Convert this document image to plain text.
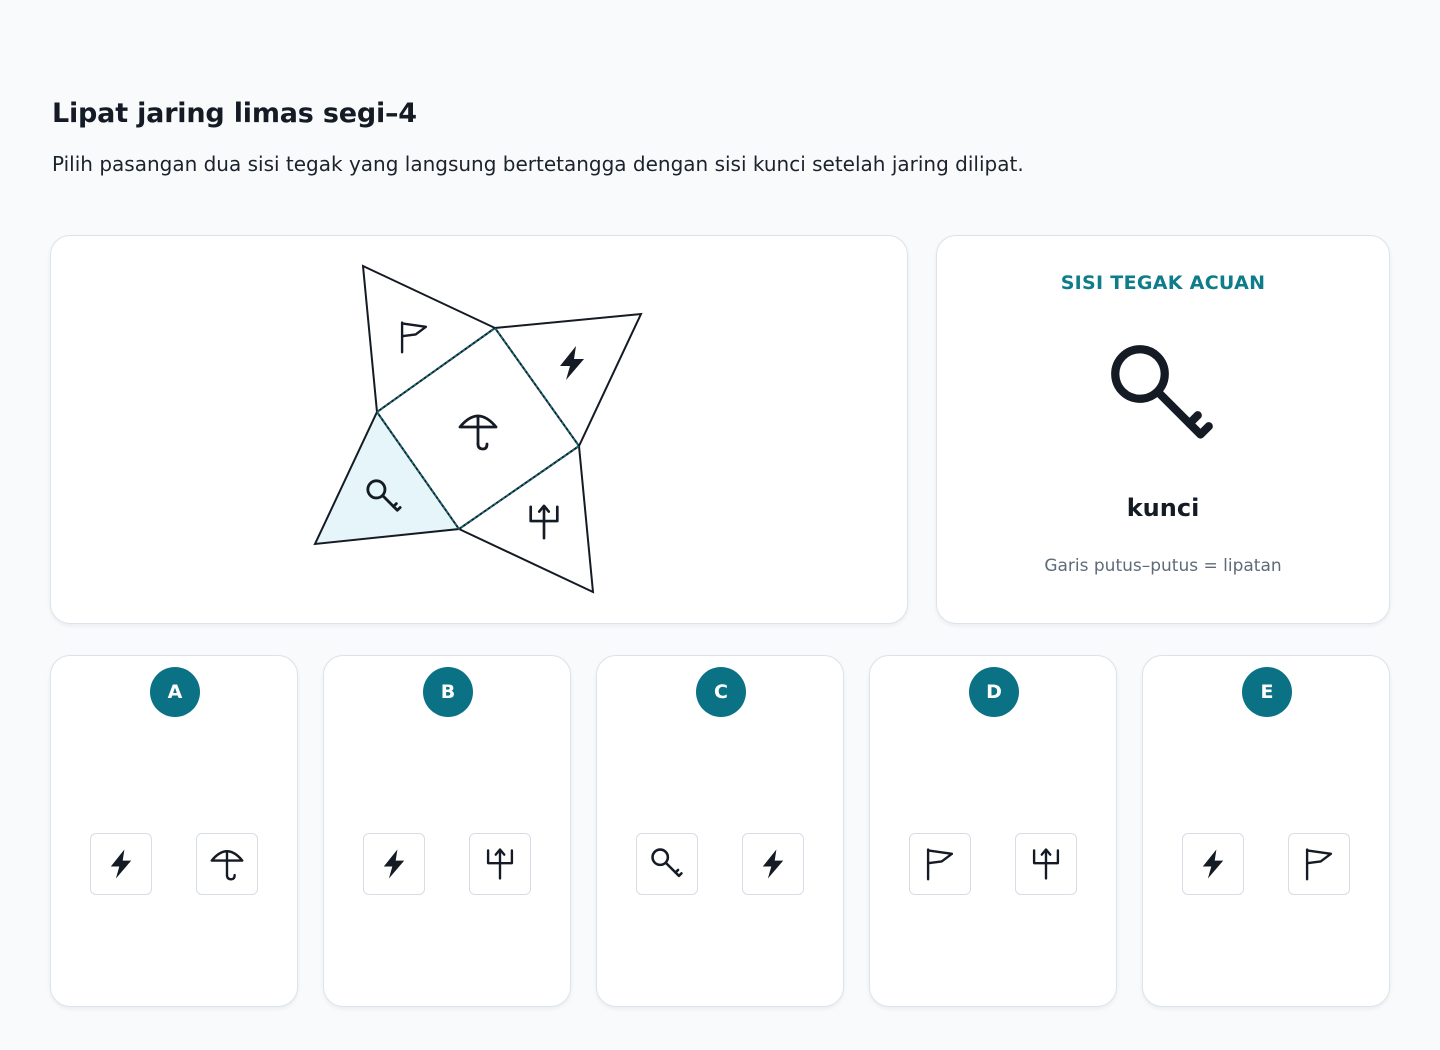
Lipat jaring limas segi–4

Pilih pasangan dua sisi tegak yang langsung bertetangga dengan sisi kunci setelah jaring dilipat.

SISI TEGAK ACUAN
kunci
Garis putus–putus = lipatan
A	B	C	D	E
